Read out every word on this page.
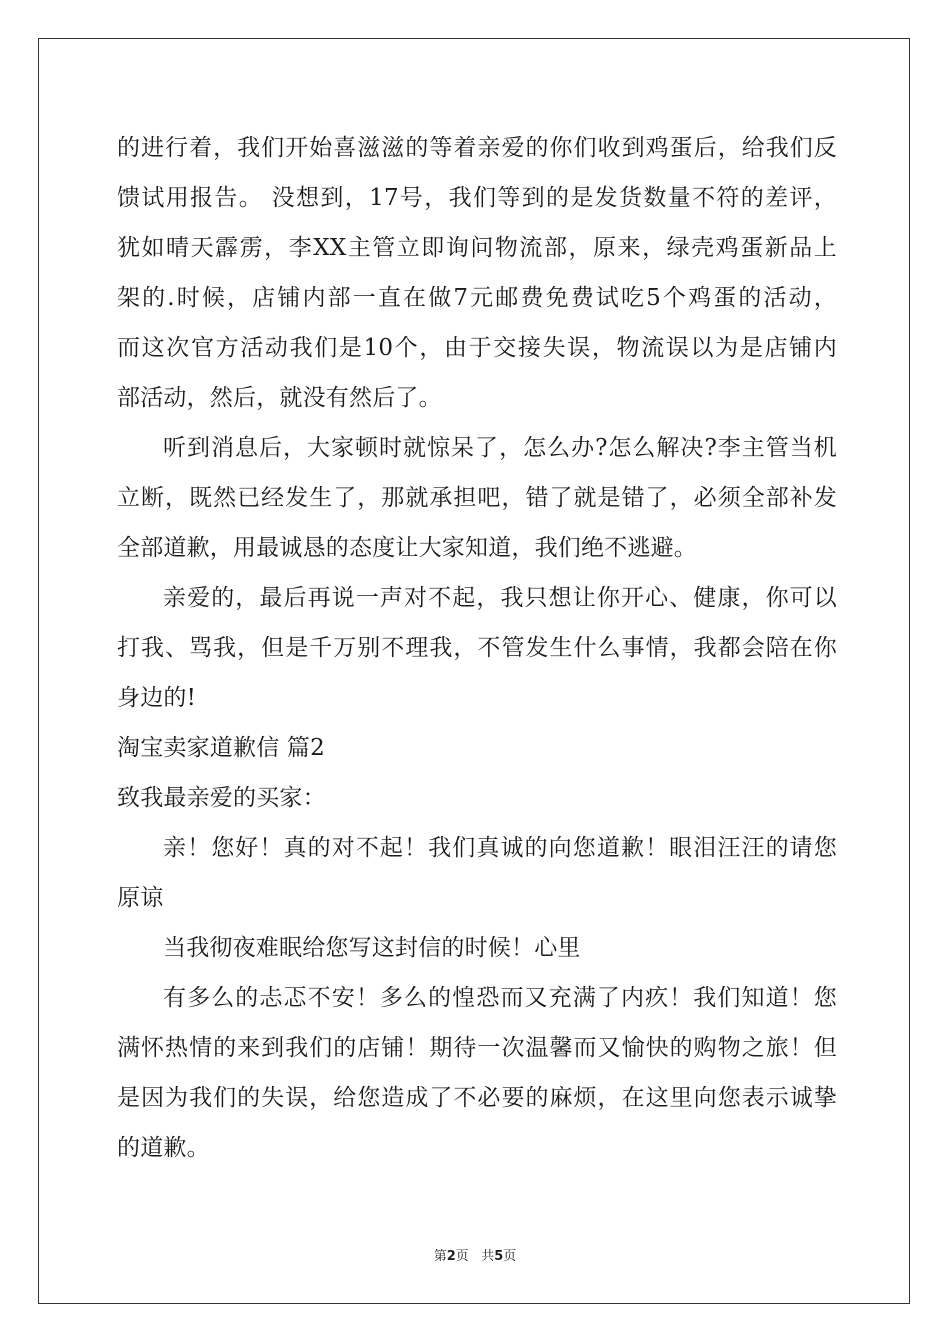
的进行着，我们开始喜滋滋的等着亲爱的你们收到鸡蛋后，给我们反
馈试用报告。 没想到，17号，我们等到的是发货数量不符的差评，
犹如晴天霹雳，李XX主管立即询问物流部，原来，绿壳鸡蛋新品上
架的.时候，店铺内部一直在做7元邮费免费试吃5个鸡蛋的活动，
而这次官方活动我们是10个，由于交接失误，物流误以为是店铺内
部活动，然后，就没有然后了。
听到消息后，大家顿时就惊呆了，怎么办?怎么解决?李主管当机
立断，既然已经发生了，那就承担吧，错了就是错了，必须全部补发
全部道歉，用最诚恳的态度让大家知道，我们绝不逃避。
亲爱的，最后再说一声对不起，我只想让你开心、健康，你可以
打我、骂我，但是千万别不理我，不管发生什么事情，我都会陪在你
身边的!
淘宝卖家道歉信 篇2
致我最亲爱的买家：
亲！您好！真的对不起！我们真诚的向您道歉！眼泪汪汪的请您
原谅
当我彻夜难眠给您写这封信的时候！心里
有多么的忐忑不安！多么的惶恐而又充满了内疚！我们知道！您
满怀热情的来到我们的店铺！期待一次温馨而又愉快的购物之旅！但
是因为我们的失误，给您造成了不必要的麻烦，在这里向您表示诚挚
的道歉。
第2页 共5页
